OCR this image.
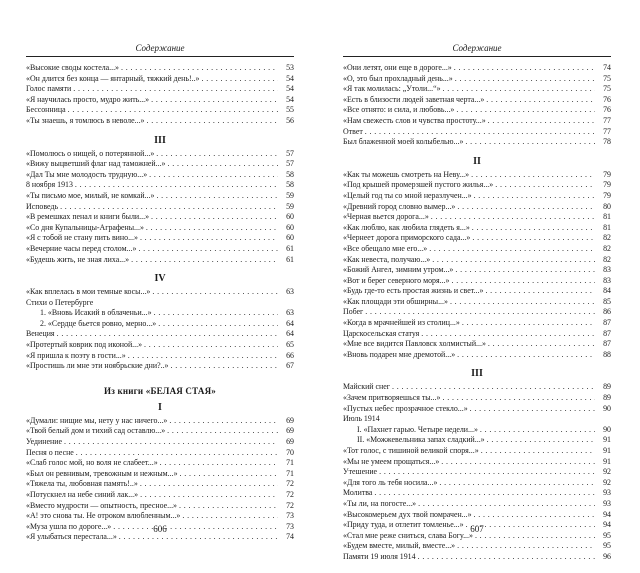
Содержание
«Высокие своды костела...» . . .	53
«Он длится без конца — янтарный, тяжкий день!..» . . .	54
Голос памяти . . .	54
«Я научилась просто, мудро жить...» . . .	54
Бессонница . . .	55
«Ты знаешь, я томлюсь в неволе...» . . .	56
III
«Помолюсь о нищей, о потерянной...» . . .	57
«Вижу выцветший флаг над таможней...» . . .	57
«Дал Ты мне молодость трудную...» . . .	58
8 ноября 1913 . . .	58
«Ты письмо мое, милый, не комкай...» . . .	59
Исповедь . . .	59
«В ремешках пенал и книги были...» . . .	60
«Со дня Купальницы-Аграфены...» . . .	60
«Я с тобой не стану пить вино...» . . .	60
«Вечерние часы перед столом...» . . .	61
«Будешь жить, не зная лиха...» . . .	61
IV
«Как вплелась в мои темные косы...» . . .	63
Стихи о Петербурге
1. «Вновь Исакий в облаченьи...» . . .	63
2. «Сердце бьется ровно, мерно...» . . .	64
Венеция . . .	64
«Протертый коврик под иконой...» . . .	65
«Я пришла к поэту в гости...» . . .	66
«Простишь ли мне эти ноябрьские дни?..» . . .	67
Из книги «БЕЛАЯ СТАЯ»
I
«Думали: нищие мы, нету у нас ничего...» . . .	69
«Твой белый дом и тихий сад оставлю...» . . .	69
Уединение . . .	69
Песня о песне . . .	70
«Слаб голос мой, но воля не слабеет...» . . .	71
«Был он ревнивым, тревожным и нежным...» . . .	71
«Тяжела ты, любовная память!..» . . .	72
«Потускнел на небе синий лак...» . . .	72
«Вместо мудрости — опытность, пресное...» . . .	72
«А! это снова ты. Не отроком влюбленным...» . . .	73
«Муза ушла по дороге...» . . .	73
«Я улыбаться перестала...» . . .	74
606
Содержание
«Они летят, они еще в дороге...» . . .	74
«О, это был прохладный день...» . . .	75
«Я так молилась: „Утоли...“» . . .	75
«Есть в близости людей заветная черта...» . . .	76
«Все отнято: и сила, и любовь...» . . .	76
«Нам свежесть слов и чувства простоту...» . . .	77
Ответ . . .	77
Был блаженной моей колыбелью...» . . .	78
II
«Как ты можешь смотреть на Неву...» . . .	79
«Под крышей промерзшей пустого жилья...» . . .	79
«Целый год ты со мной неразлучен...» . . .	79
«Древний город словно вымер...» . . .	80
«Черная вьется дорога...» . . .	81
«Как люблю, как любила глядеть я...» . . .	81
«Чернеет дорога приморского сада...» . . .	82
«Все обещало мне его...» . . .	82
«Как невеста, получаю...» . . .	82
«Божий Ангел, зимним утром...» . . .	83
«Вот и берег северного моря...» . . .	83
«Будь где-то есть простая жизнь и свет...» . . .	84
«Как площади эти обширны...» . . .	85
Побег . . .	86
«Когда в мрачнейшей из столиц...» . . .	87
Царскосельская статуя . . .	87
«Мне все видится Павловск холмистый...» . . .	87
«Вновь подарен мне дремотой...» . . .	88
III
Майский снег . . .	89
«Зачем притворяешься ты...» . . .	89
«Пустых небес прозрачное стекло...» . . .	90
Июль 1914
I. «Пахнет гарью. Четыре недели...» . . .	90
II. «Можжевельника запах сладкий...» . . .	91
«Тот голос, с тишиной великой споря...» . . .	91
«Мы не умеем прощаться...» . . .	91
Утешение . . .	92
«Для того ль тебя носила...» . . .	92
Молитва . . .	93
«Ты ли, на погосте...» . . .	93
«Высокомерьем дух твой помрачен...» . . .	94
«Приду туда, и отлетит томленье...» . . .	94
«Стал мне реже сниться, слава Богу...» . . .	95
«Будем вместе, милый, вместе...» . . .	95
Памяти 19 июля 1914 . . .	96
607
